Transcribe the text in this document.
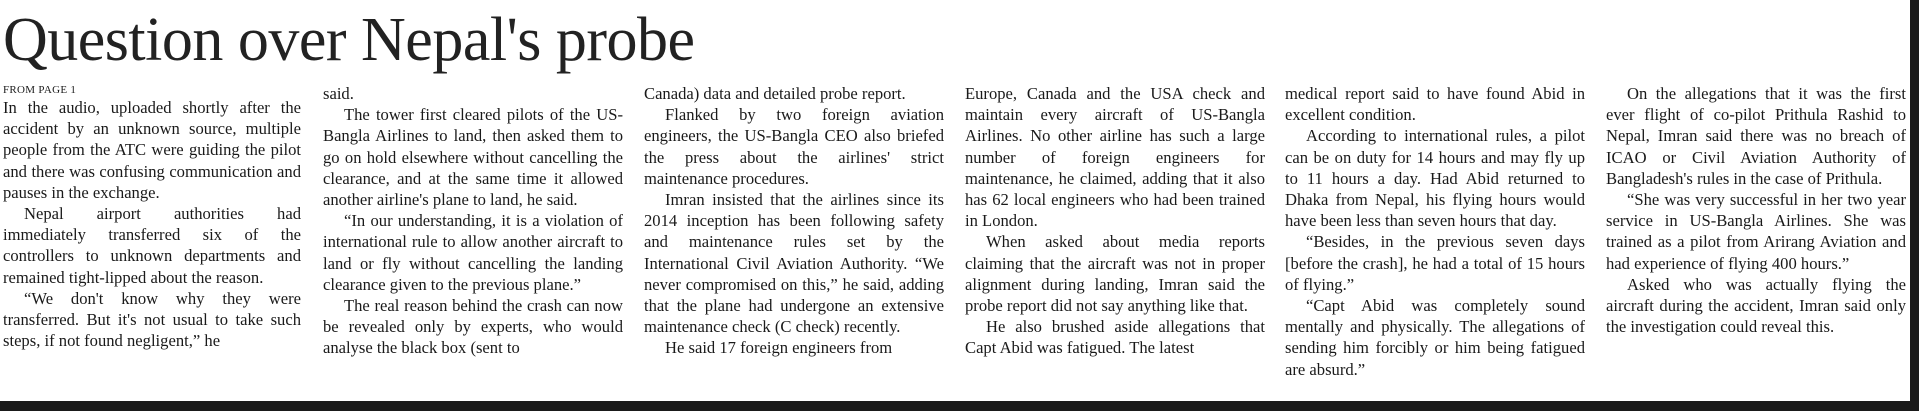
Question over Nepal's probe

FROM PAGE 1

In the audio, uploaded shortly after the accident by an unknown source, multiple people from the ATC were guiding the pilot and there was confusing communication and pauses in the exchange.

Nepal airport authorities had immediately transferred six of the controllers to unknown departments and remained tight-lipped about the reason.

“We don't know why they were transferred. But it's not usual to take such steps, if not found negligent,” he

said.

The tower first cleared pilots of the US-Bangla Airlines to land, then asked them to go on hold elsewhere without cancelling the clearance, and at the same time it allowed another airline's plane to land, he said.

“In our understanding, it is a violation of international rule to allow another aircraft to land or fly without cancelling the landing clearance given to the previous plane.”

The real reason behind the crash can now be revealed only by experts, who would analyse the black box (sent to

Canada) data and detailed probe report.

Flanked by two foreign aviation engineers, the US-Bangla CEO also briefed the press about the airlines' strict maintenance procedures.

Imran insisted that the airlines since its 2014 inception has been following safety and maintenance rules set by the International Civil Aviation Authority. “We never compromised on this,” he said, adding that the plane had undergone an extensive maintenance check (C check) recently.

He said 17 foreign engineers from

Europe, Canada and the USA check and maintain every aircraft of US-Bangla Airlines. No other airline has such a large number of foreign engineers for maintenance, he claimed, adding that it also has 62 local engineers who had been trained in London.

When asked about media reports claiming that the aircraft was not in proper alignment during landing, Imran said the probe report did not say anything like that.

He also brushed aside allegations that Capt Abid was fatigued. The latest

medical report said to have found Abid in excellent condition.

According to international rules, a pilot can be on duty for 14 hours and may fly up to 11 hours a day. Had Abid returned to Dhaka from Nepal, his flying hours would have been less than seven hours that day.

“Besides, in the previous seven days [before the crash], he had a total of 15 hours of flying.”

“Capt Abid was completely sound mentally and physically. The allegations of sending him forcibly or him being fatigued are absurd.”

On the allegations that it was the first ever flight of co-pilot Prithula Rashid to Nepal, Imran said there was no breach of ICAO or Civil Aviation Authority of Bangladesh's rules in the case of Prithula.

“She was very successful in her two year service in US-Bangla Airlines. She was trained as a pilot from Arirang Aviation and had experience of flying 400 hours.”

Asked who was actually flying the aircraft during the accident, Imran said only the investigation could reveal this.
